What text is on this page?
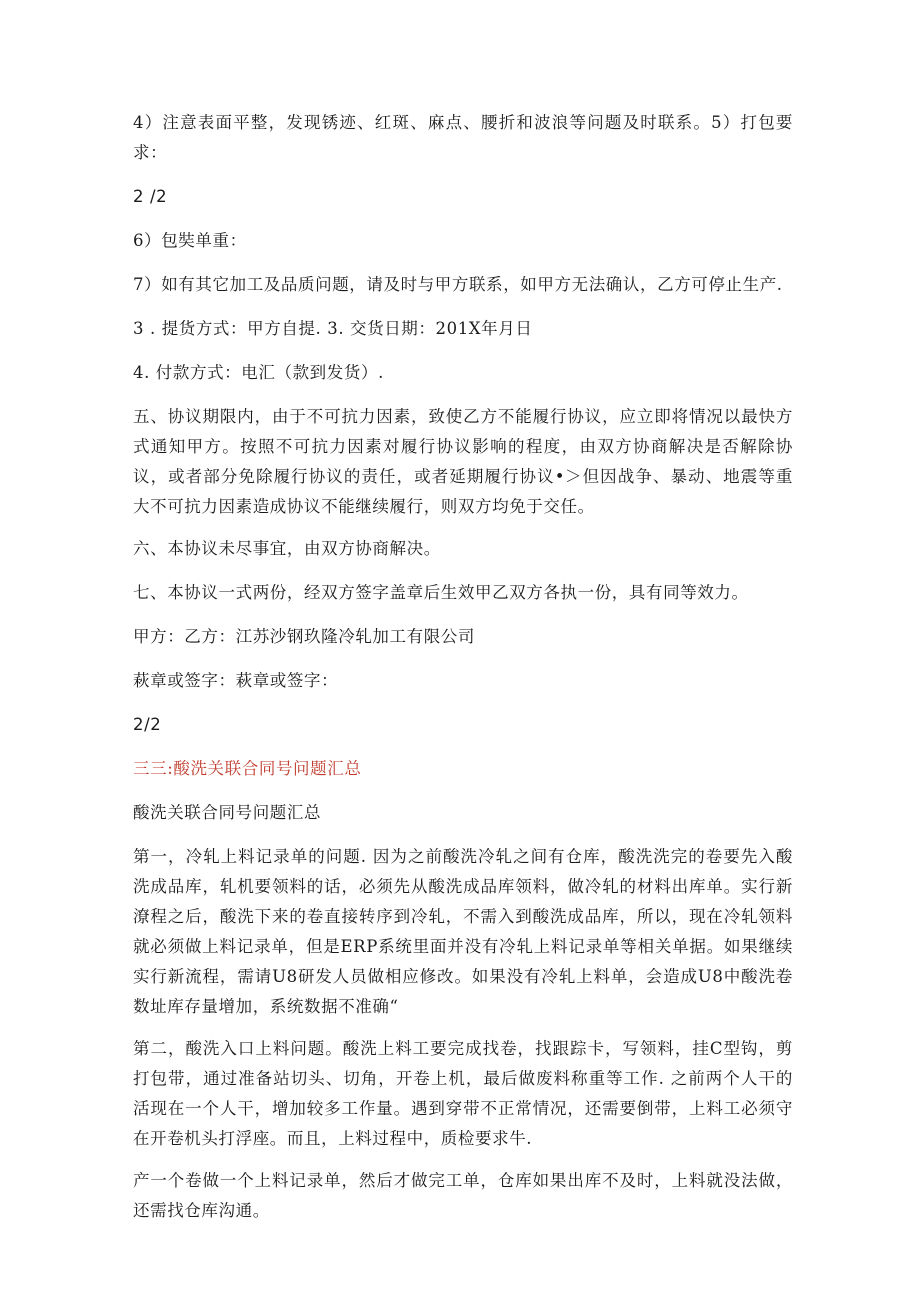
4）注意表面平整，发现锈迹、红斑、麻点、腰折和波浪等问题及时联系。5）打包要求：

2 /2

6）包奘单重：

7）如有其它加工及品质问题，请及时与甲方联系，如甲方无法确认，乙方可停止生产.

3 . 提货方式：甲方自提. 3. 交货日期：201X年月日

4. 付款方式：电汇（款到发货）.

五、协议期限内，由于不可抗力因素，致使乙方不能履行协议，应立即将情况以最快方式通知甲方。按照不可抗力因素对履行协议影响的程度，由双方协商解决是否解除协议，或者部分免除履行协议的责任，或者延期履行协议•＞但因战争、暴动、地震等重大不可抗力因素造成协议不能继续履行，则双方均免于交任。

六、本协议未尽事宜，由双方协商解决。

七、本协议一式两份，经双方签字盖章后生效甲乙双方各执一份，具有同等效力。

甲方：乙方：江苏沙钢玖隆冷轧加工有限公司

萩章或签字：萩章或签字：

2/2

三三:酸洗关联合同号问题汇总

酸洗关联合同号问题汇总

第一，冷轧上料记录单的问题. 因为之前酸洗冷轧之间有仓库，酸洗洗完的卷要先入酸洗成品库，轧机要领料的话，必须先从酸洗成品库领料，做冷轧的材料出库单。实行新潦程之后，酸洗下来的卷直接转序到冷轧，不需入到酸洗成品库，所以，现在冷轧领料就必须做上料记录单，但是ERP系统里面并没有冷轧上料记录单等相关单据。如果继续实行新流程，需请U8研发人员做相应修改。如果没有冷轧上料单，会造成U8中酸洗卷数址库存量增加，系统数据不准确“

第二，酸洗入口上料问题。酸洗上料工要完成找卷，找跟踪卡，写领料，挂C型钩，剪打包带，通过准备站切头、切角，开卷上机，最后做废料称重等工作. 之前两个人干的活现在一个人干，增加较多工作量。遇到穿带不正常情况，还需要倒带，上料工必须守在开卷机头打浮座。而且，上料过程中，质检要求牛.

产一个卷做一个上料记录单，然后才做完工单，仓库如果出库不及时，上料就没法做，还需找仓库沟通。
